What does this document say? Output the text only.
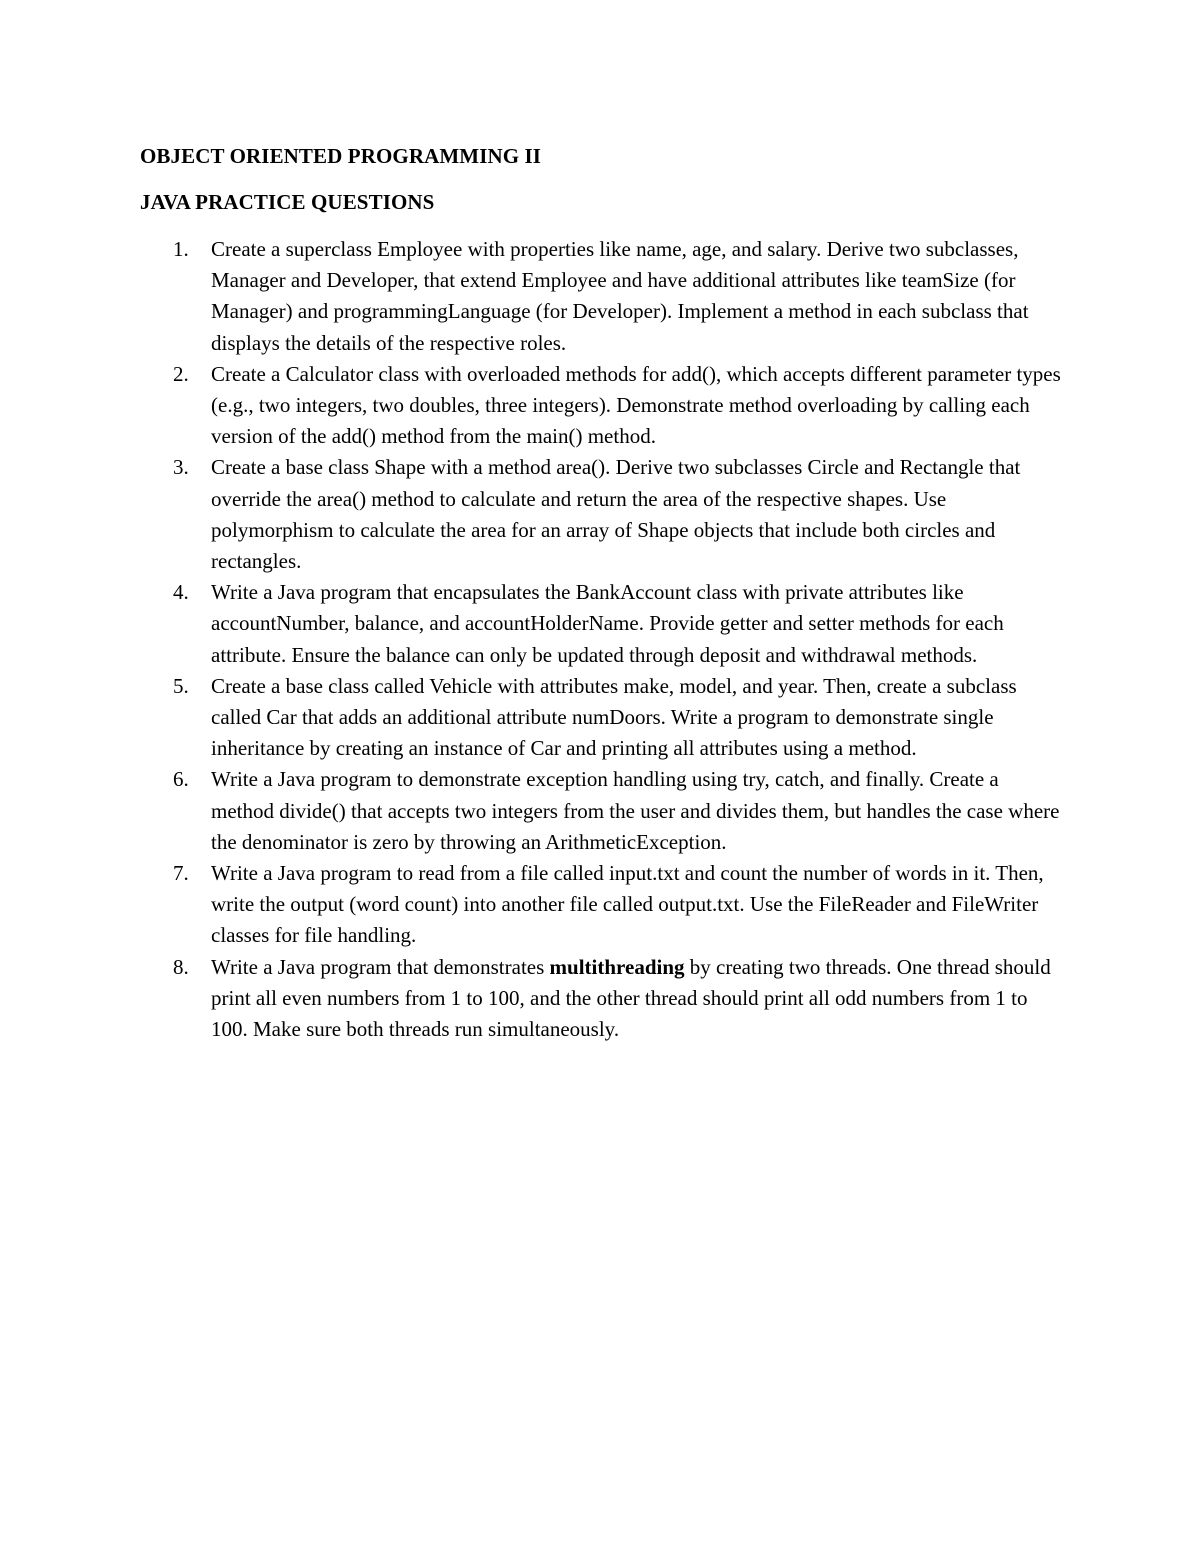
OBJECT ORIENTED PROGRAMMING II
JAVA PRACTICE QUESTIONS
1. Create a superclass Employee with properties like name, age, and salary. Derive two subclasses, Manager and Developer, that extend Employee and have additional attributes like teamSize (for Manager) and programmingLanguage (for Developer). Implement a method in each subclass that displays the details of the respective roles.
2. Create a Calculator class with overloaded methods for add(), which accepts different parameter types (e.g., two integers, two doubles, three integers). Demonstrate method overloading by calling each version of the add() method from the main() method.
3. Create a base class Shape with a method area(). Derive two subclasses Circle and Rectangle that override the area() method to calculate and return the area of the respective shapes. Use polymorphism to calculate the area for an array of Shape objects that include both circles and rectangles.
4. Write a Java program that encapsulates the BankAccount class with private attributes like accountNumber, balance, and accountHolderName. Provide getter and setter methods for each attribute. Ensure the balance can only be updated through deposit and withdrawal methods.
5. Create a base class called Vehicle with attributes make, model, and year. Then, create a subclass called Car that adds an additional attribute numDoors. Write a program to demonstrate single inheritance by creating an instance of Car and printing all attributes using a method.
6. Write a Java program to demonstrate exception handling using try, catch, and finally. Create a method divide() that accepts two integers from the user and divides them, but handles the case where the denominator is zero by throwing an ArithmeticException.
7. Write a Java program to read from a file called input.txt and count the number of words in it. Then, write the output (word count) into another file called output.txt. Use the FileReader and FileWriter classes for file handling.
8. Write a Java program that demonstrates multithreading by creating two threads. One thread should print all even numbers from 1 to 100, and the other thread should print all odd numbers from 1 to 100. Make sure both threads run simultaneously.
